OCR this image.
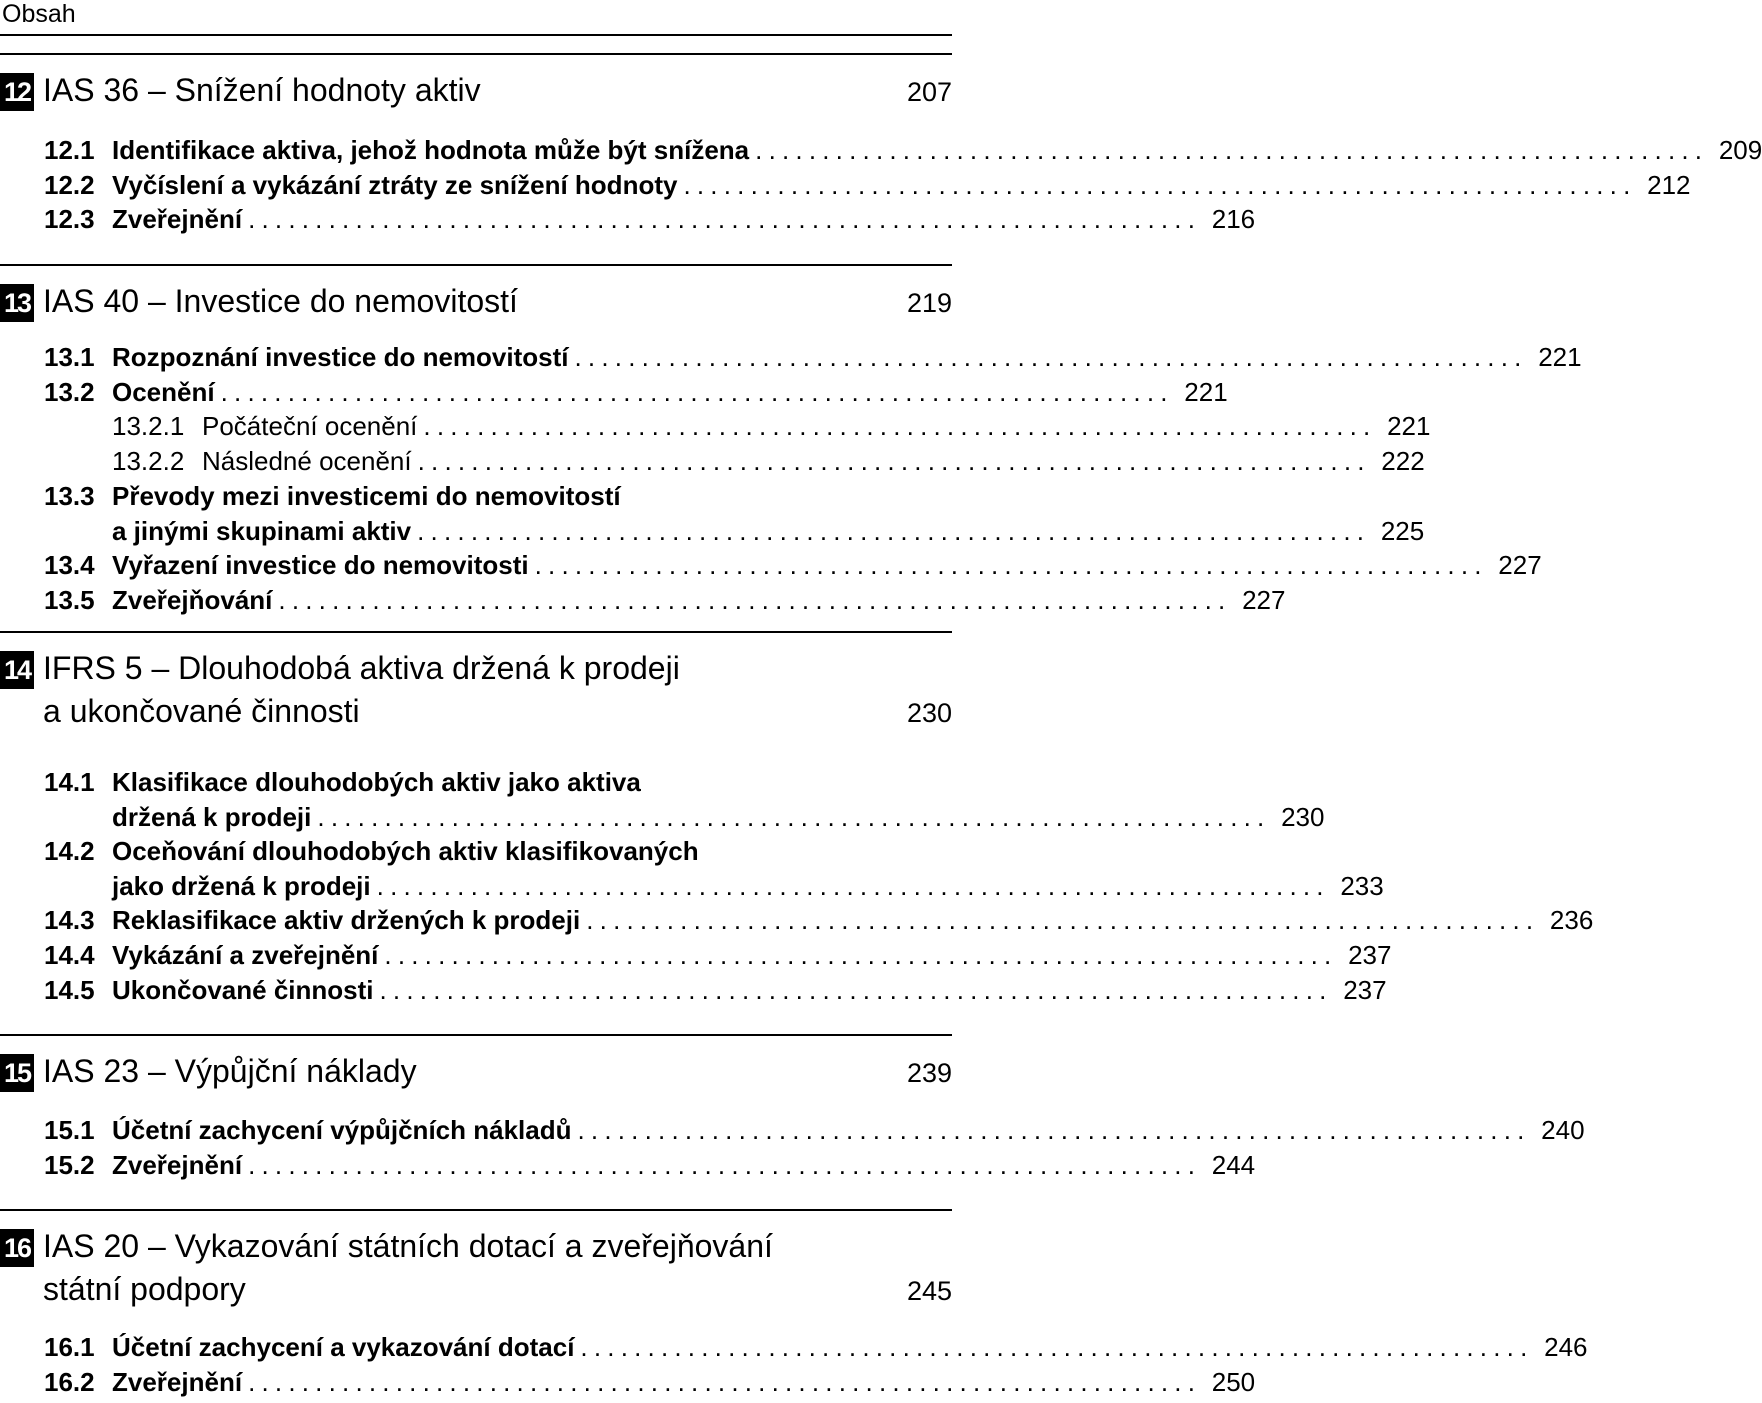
Obsah
12 IAS 36 – Snížení hodnoty aktiv	207
12.1 Identifikace aktiva, jehož hodnota může být snížena ....................................................................... 209
12.2 Vyčíslení a vykázání ztráty ze snížení hodnoty ....................................................................... 212
12.3 Zveřejnění ....................................................................... 216
13 IAS 40 – Investice do nemovitostí	219
13.1 Rozpoznání investice do nemovitostí ....................................................................... 221
13.2 Ocenění ....................................................................... 221
13.2.1 Počáteční ocenění ....................................................................... 221
13.2.2 Následné ocenění ....................................................................... 222
13.3 Převody mezi investicemi do nemovitostí
a jinými skupinami aktiv ....................................................................... 225
13.4 Vyřazení investice do nemovitosti ....................................................................... 227
13.5 Zveřejňování ....................................................................... 227
14 IFRS 5 – Dlouhodobá aktiva držená k prodeji
a ukončované činnosti	230
14.1 Klasifikace dlouhodobých aktiv jako aktiva
držená k prodeji ....................................................................... 230
14.2 Oceňování dlouhodobých aktiv klasifikovaných
jako držená k prodeji ....................................................................... 233
14.3 Reklasifikace aktiv držených k prodeji ....................................................................... 236
14.4 Vykázání a zveřejnění ....................................................................... 237
14.5 Ukončované činnosti ....................................................................... 237
15 IAS 23 – Výpůjční náklady	239
15.1 Účetní zachycení výpůjčních nákladů ....................................................................... 240
15.2 Zveřejnění ....................................................................... 244
16 IAS 20 – Vykazování státních dotací a zveřejňování
státní podpory	245
16.1 Účetní zachycení a vykazování dotací ....................................................................... 246
16.2 Zveřejnění ....................................................................... 250
